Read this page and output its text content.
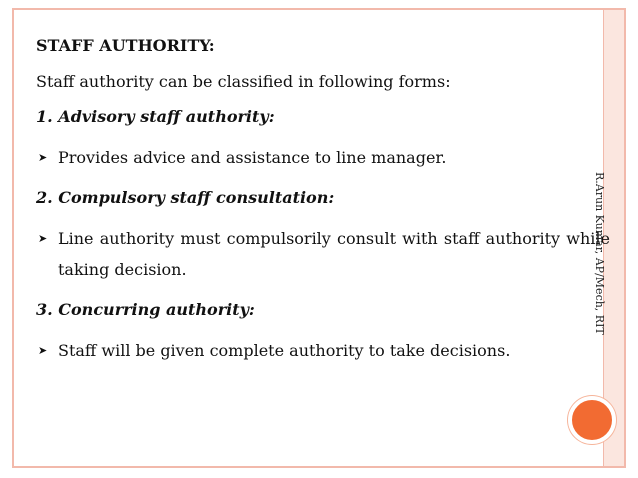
STAFF AUTHORITY:
Staff authority can be classified in following forms:
1. Advisory staff authority:
➤ Provides advice and assistance to line manager.
2. Compulsory staff consultation:
➤ Line authority must compulsorily consult with staff authority while taking decision.
3. Concurring authority:
➤ Staff will be given complete authority to take decisions.
R.Arun Kumar, AP/Mech, RIT
